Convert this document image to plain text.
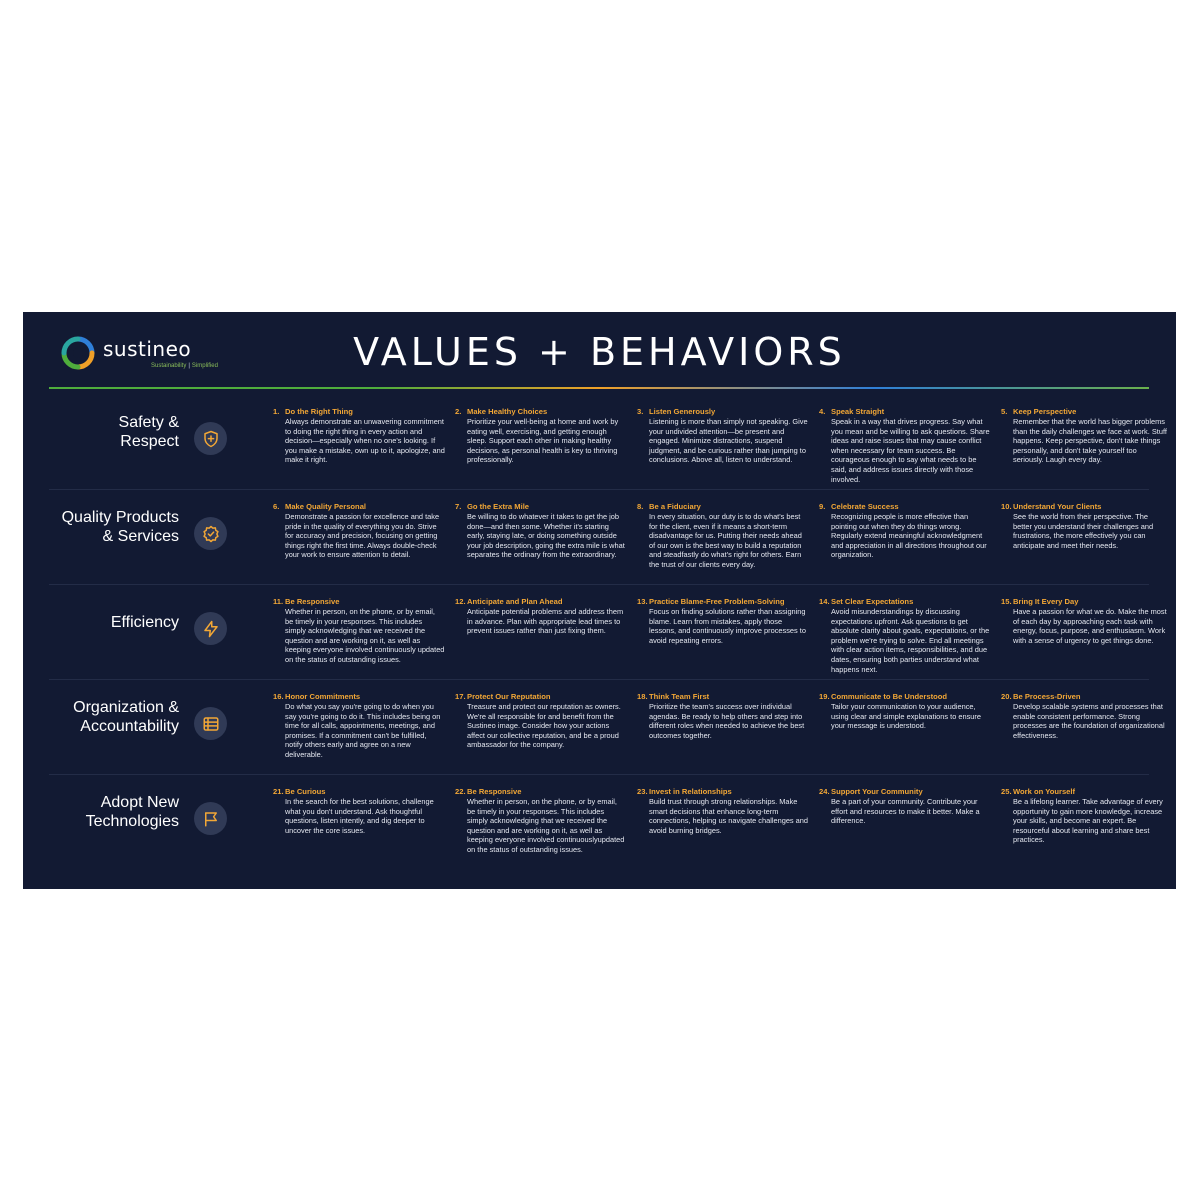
sustineo
Sustainability | Simplified	VALUES + BEHAVIORS
Safety &
Respect
1. Do the Right Thing
Always demonstrate an unwavering commitment to doing the right thing in every action and decision—especially when no one's looking. If you make a mistake, own up to it, apologize, and make it right.
2. Make Healthy Choices
Prioritize your well-being at home and work by eating well, exercising, and getting enough sleep. Support each other in making healthy decisions, as personal health is key to thriving professionally.
3. Listen Generously
Listening is more than simply not speaking. Give your undivided attention—be present and engaged. Minimize distractions, suspend judgment, and be curious rather than jumping to conclusions. Above all, listen to understand.
4. Speak Straight
Speak in a way that drives progress. Say what you mean and be willing to ask questions. Share ideas and raise issues that may cause conflict when necessary for team success. Be courageous enough to say what needs to be said, and address issues directly with those involved.
5. Keep Perspective
Remember that the world has bigger problems than the daily challenges we face at work. Stuff happens. Keep perspective, don't take things personally, and don't take yourself too seriously. Laugh every day.
Quality Products
& Services
6. Make Quality Personal
Demonstrate a passion for excellence and take pride in the quality of everything you do. Strive for accuracy and precision, focusing on getting things right the first time. Always double-check your work to ensure attention to detail.
7. Go the Extra Mile
Be willing to do whatever it takes to get the job done—and then some. Whether it's starting early, staying late, or doing something outside your job description, going the extra mile is what separates the ordinary from the extraordinary.
8. Be a Fiduciary
In every situation, our duty is to do what's best for the client, even if it means a short-term disadvantage for us. Putting their needs ahead of our own is the best way to build a reputation and steadfastly do what's right for others. Earn the trust of our clients every day.
9. Celebrate Success
Recognizing people is more effective than pointing out when they do things wrong. Regularly extend meaningful acknowledgment and appreciation in all directions throughout our organization.
10.Understand Your Clients
See the world from their perspective. The better you understand their challenges and frustrations, the more effectively you can anticipate and meet their needs.
Efficiency
11. Be Responsive
Whether in person, on the phone, or by email, be timely in your responses. This includes simply acknowledging that we received the question and are working on it, as well as keeping everyone involved continuously updated on the status of outstanding issues.
12.Anticipate and Plan Ahead
Anticipate potential problems and address them in advance. Plan with appropriate lead times to prevent issues rather than just fixing them.
13.Practice Blame-Free Problem-Solving
Focus on finding solutions rather than assigning blame. Learn from mistakes, apply those lessons, and continuously improve processes to avoid repeating errors.
14.Set Clear Expectations
Avoid misunderstandings by discussing expectations upfront. Ask questions to get absolute clarity about goals, expectations, or the problem we're trying to solve. End all meetings with clear action items, responsibilities, and due dates, ensuring both parties understand what happens next.
15.Bring It Every Day
Have a passion for what we do. Make the most of each day by approaching each task with energy, focus, purpose, and enthusiasm. Work with a sense of urgency to get things done.
Organization &
Accountability
16.Honor Commitments
Do what you say you're going to do when you say you're going to do it. This includes being on time for all calls, appointments, meetings, and promises. If a commitment can't be fulfilled, notify others early and agree on a new deliverable.
17.Protect Our Reputation
Treasure and protect our reputation as owners. We're all responsible for and benefit from the Sustineo image. Consider how your actions affect our collective reputation, and be a proud ambassador for the company.
18.Think Team First
Prioritize the team's success over individual agendas. Be ready to help others and step into different roles when needed to achieve the best outcomes together.
19.Communicate to Be Understood
Tailor your communication to your audience, using clear and simple explanations to ensure your message is understood.
20.Be Process-Driven
Develop scalable systems and processes that enable consistent performance. Strong processes are the foundation of organizational effectiveness.
Adopt New
Technologies
21.Be Curious
In the search for the best solutions, challenge what you don't understand. Ask thoughtful questions, listen intently, and dig deeper to uncover the core issues.
22.Be Responsive
Whether in person, on the phone, or by email, be timely in your responses. This includes simply acknowledging that we received the question and are working on it, as well as keeping everyone involved continuouslyupdated on the status of outstanding issues.
23.Invest in Relationships
Build trust through strong relationships. Make smart decisions that enhance long-term connections, helping us navigate challenges and avoid burning bridges.
24.Support Your Community
Be a part of your community. Contribute your effort and resources to make it better. Make a difference.
25.Work on Yourself
Be a lifelong learner. Take advantage of every opportunity to gain more knowledge, increase your skills, and become an expert. Be resourceful about learning and share best practices.
